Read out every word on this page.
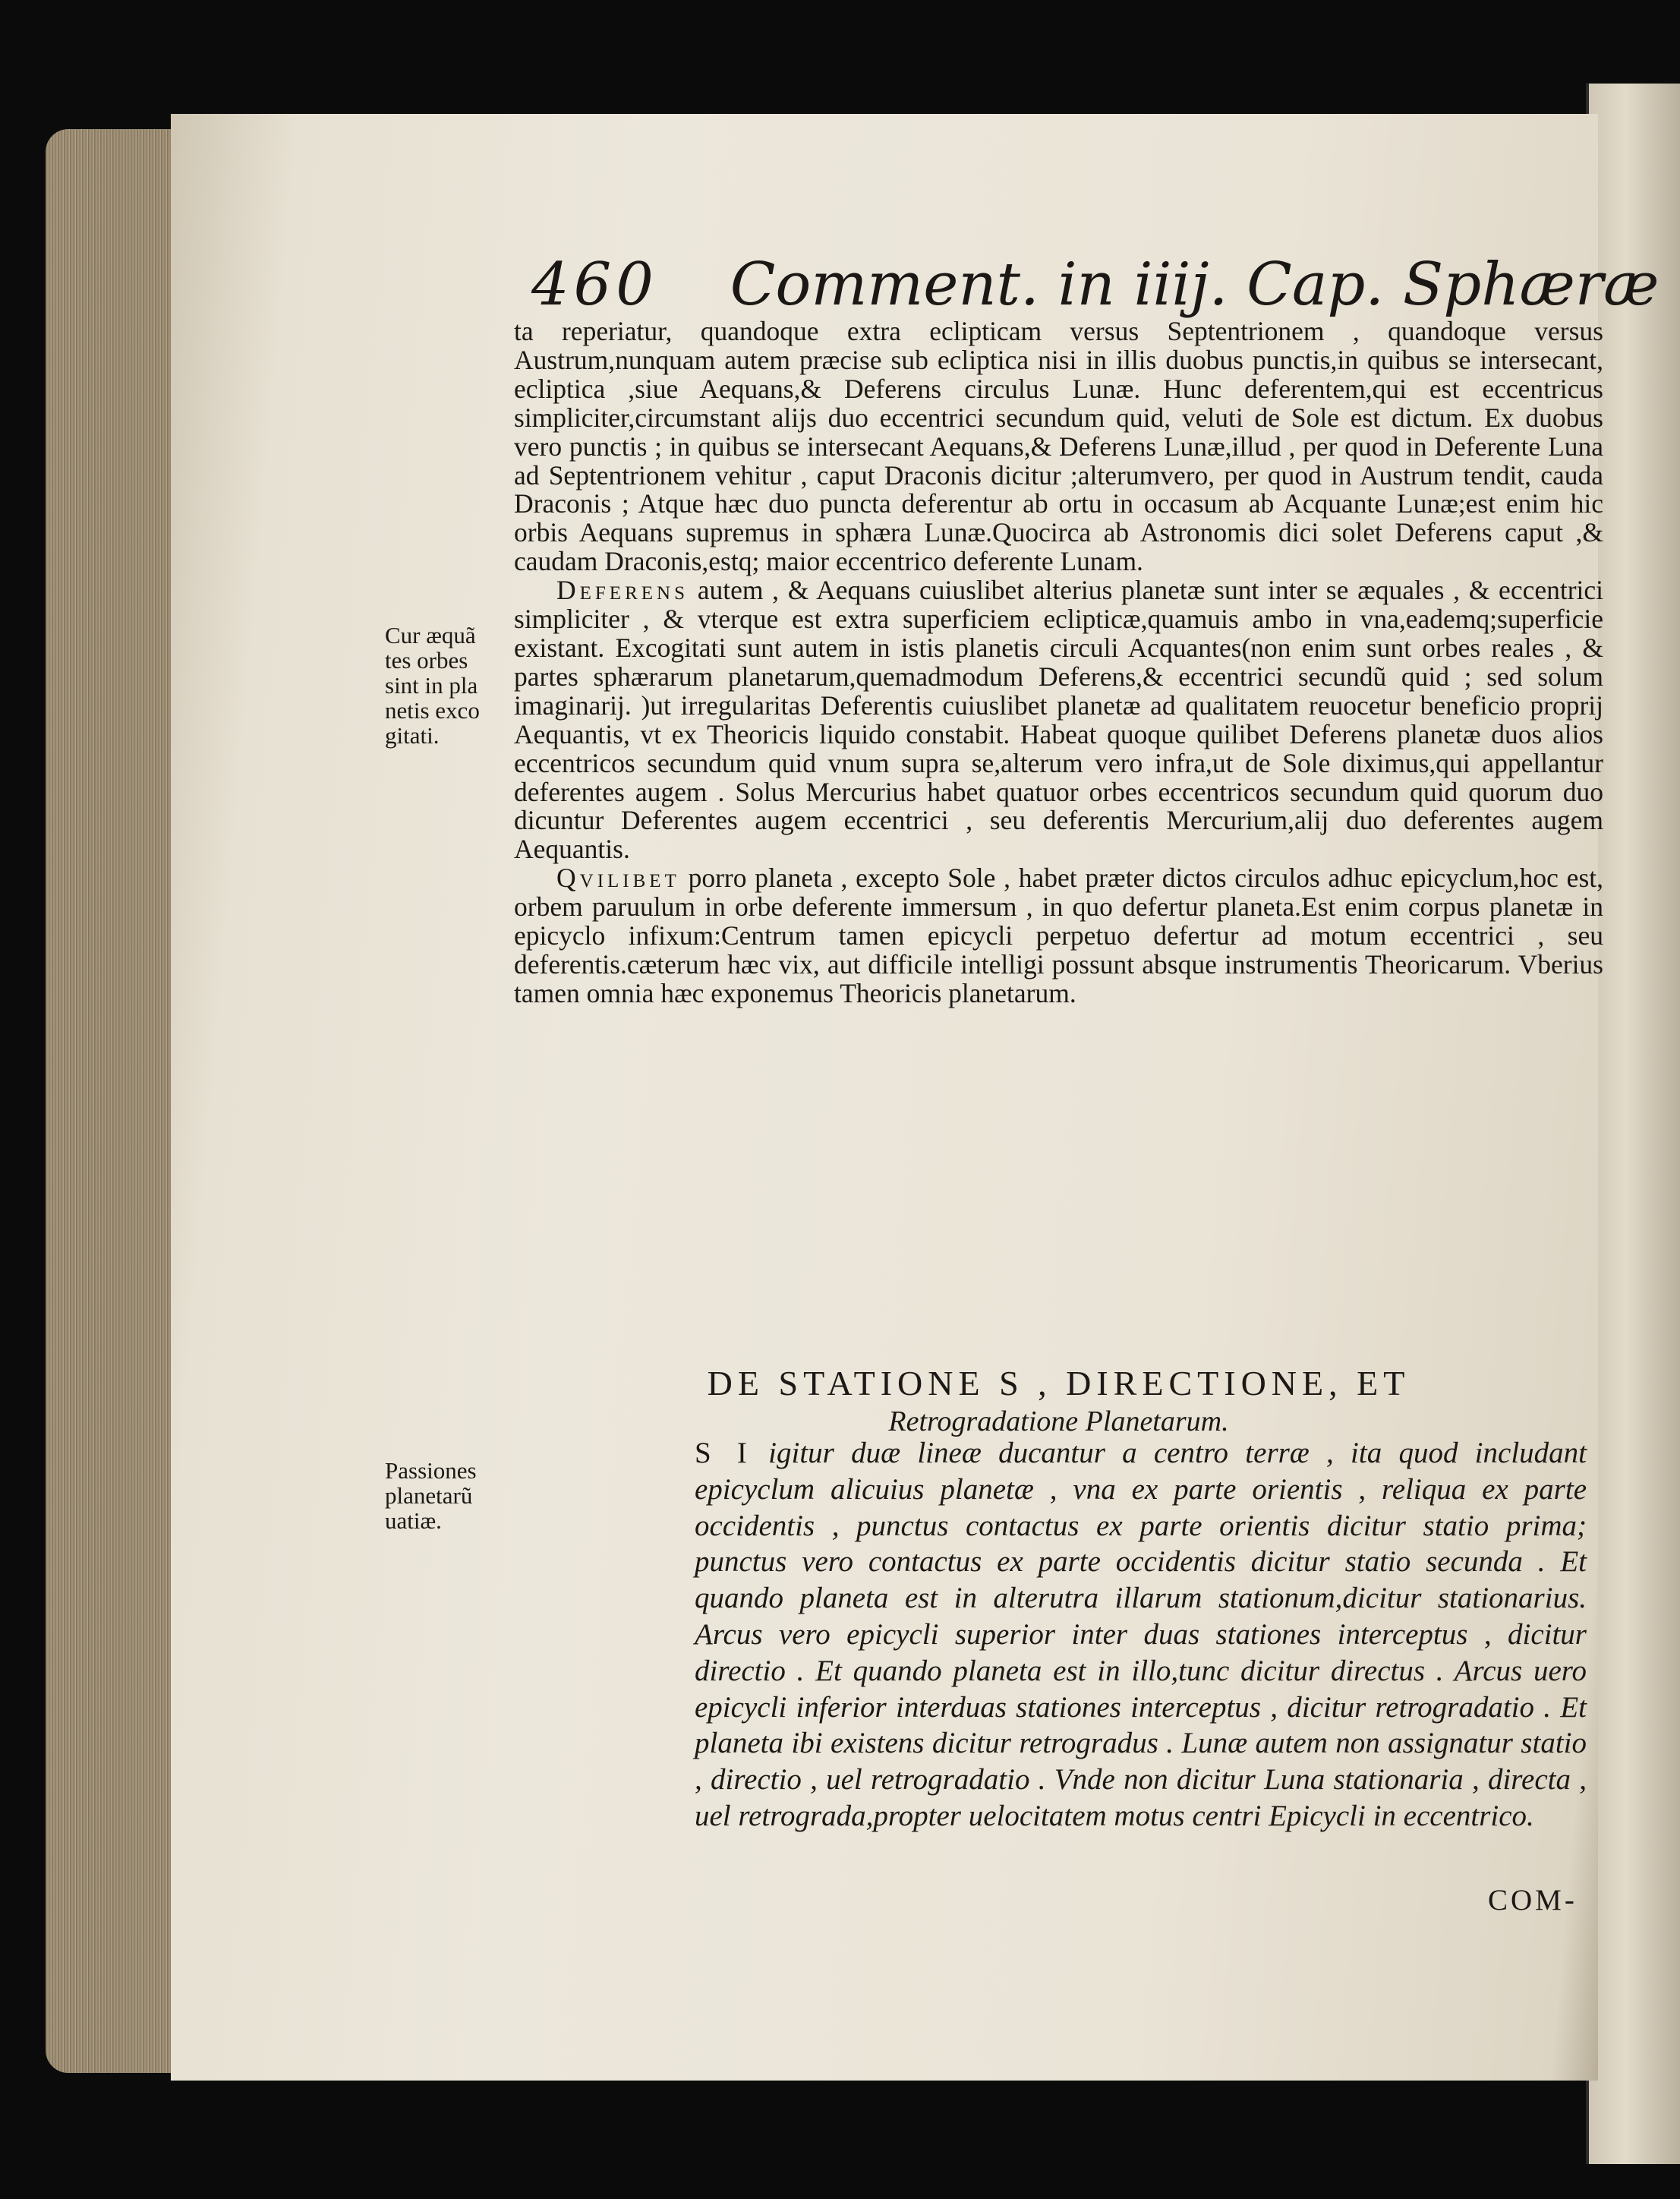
460 Comment. in iiij. Cap. Sphæræ
Cur æquã
tes orbes
sint in pla
netis exco
gitati.

ta reperiatur, quandoque extra eclipticam versus Septentrionem , quandoque versus Austrum,nunquam autem præcise sub ecliptica nisi in illis duobus punctis,in quibus se intersecant, ecliptica ,siue Aequans,& Deferens circulus Lunæ. Hunc deferentem,qui est eccentricus simpliciter,circumstant alijs duo eccentrici secundum quid, veluti de Sole est dictum. Ex duobus vero punctis ; in quibus se intersecant Aequans,& Deferens Lunæ,illud , per quod in Deferente Luna ad Septentrionem vehitur , caput Draconis dicitur ;alterumvero, per quod in Austrum tendit, cauda Draconis ; Atque hæc duo puncta deferentur ab ortu in occasum ab Acquante Lunæ;est enim hic orbis Aequans supremus in sphæra Lunæ.Quocirca ab Astronomis dici solet Deferens caput ,& caudam Draconis,estq; maior eccentrico deferente Lunam.

Deferens autem , & Aequans cuiuslibet alterius planetæ sunt inter se æquales , & eccentrici simpliciter , & vterque est extra superficiem eclipticæ,quamuis ambo in vna,eademq;superficie existant. Excogitati sunt autem in istis planetis circuli Acquantes(non enim sunt orbes reales , & partes sphærarum planetarum,quemadmodum Deferens,& eccentrici secundũ quid ; sed solum imaginarij. )ut irregularitas Deferentis cuiuslibet planetæ ad qualitatem reuocetur beneficio proprij Aequantis, vt ex Theoricis liquido constabit. Habeat quoque quilibet Deferens planetæ duos alios eccentricos secundum quid vnum supra se,alterum vero infra,ut de Sole diximus,qui appellantur deferentes augem . Solus Mercurius habet quatuor orbes eccentricos secundum quid quorum duo dicuntur Deferentes augem eccentrici , seu deferentis Mercurium,alij duo deferentes augem Aequantis.

Qvilibet porro planeta , excepto Sole , habet præter dictos circulos adhuc epicyclum,hoc est, orbem paruulum in orbe deferente immersum , in quo defertur planeta.Est enim corpus planetæ in epicyclo infixum:Centrum tamen epicycli perpetuo defertur ad motum eccentrici , seu deferentis.cæterum hæc vix, aut difficile intelligi possunt absque instrumentis Theoricarum. Vberius tamen omnia hæc exponemus Theoricis planetarum.

DE STATIONE S , DIRECTIONE, ET
Retrogradatione Planetarum.
Passiones
planetarũ
uatiæ.
S I igitur duæ lineæ ducantur a centro terræ , ita quod includant epicyclum alicuius planetæ , vna ex parte orientis , reliqua ex parte occidentis , punctus contactus ex parte orientis dicitur statio prima; punctus vero contactus ex parte occidentis dicitur statio secunda . Et quando planeta est in alterutra illarum stationum,dicitur stationarius. Arcus vero epicycli superior inter duas stationes interceptus , dicitur directio . Et quando planeta est in illo,tunc dicitur directus . Arcus uero epicycli inferior interduas stationes interceptus , dicitur retrogradatio . Et planeta ibi existens dicitur retrogradus . Lunæ autem non assignatur statio , directio , uel retrogradatio . Vnde non dicitur Luna stationaria , directa , uel retrograda,propter uelocitatem motus centri Epicycli in eccentrico.
COM-
